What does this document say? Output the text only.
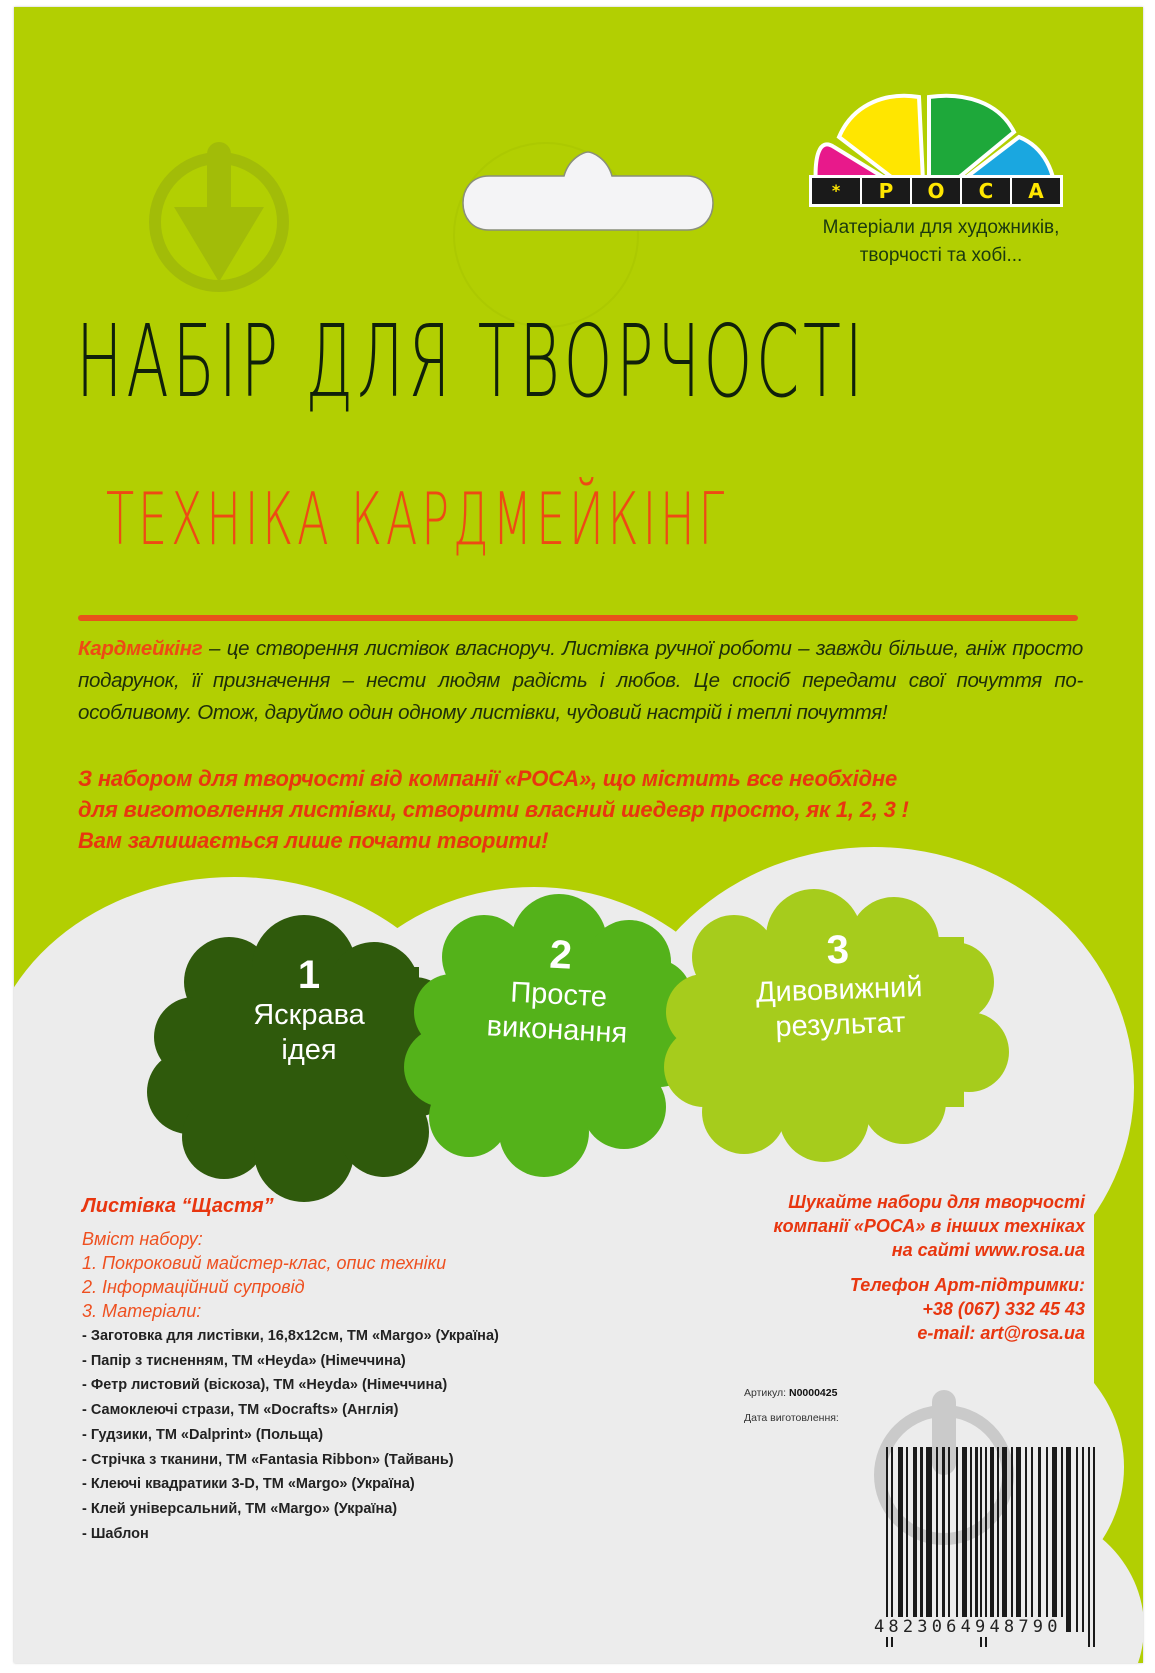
*	Р	О	С	А
Матеріали для художників,
творчості та хобі...
НАБІР ДЛЯ ТВОРЧОСТІ
ТЕХНІКА КАРДМЕЙКІНГ
Кардмейкінг – це створення листівок власноруч. Листівка ручної роботи – завжди більше, аніж просто подарунок, її призначення – нести людям радість і любов. Це спосіб передати свої почуття по-особливому. Отож, даруймо один одному листівки, чудовий настрій і теплі почуття!
З набором для творчості від компанії «РОСА», що містить все необхідне
для виготовлення листівки, створити власний шедевр просто, як 1, 2, 3 !
Вам залишається лише почати творити!
1
Яскрава
ідея
2
Просте
виконання
3
Дивовижний
результат
Листівка “Щастя”
Вміст набору:
1. Покроковий майстер-клас, опис техніки
2. Інформаційний супровід
3. Матеріали:
- Заготовка для листівки, 16,8х12см, ТМ «Margo» (Україна)
- Папір з тисненням, ТМ «Heyda» (Німеччина)
- Фетр листовий (віскоза), ТМ «Heyda» (Німеччина)
- Самоклеючі стрази, ТМ «Docrafts» (Англія)
- Гудзики, ТМ «Dalprint» (Польща)
- Стрічка з тканини, ТМ «Fantasia Ribbon» (Тайвань)
- Клеючі квадратики 3-D, ТМ «Margo» (Україна)
- Клей універсальний, ТМ «Margo» (Україна)
- Шаблон
Шукайте набори для творчості
компанії «РОСА» в інших техніках
на сайті www.rosa.ua
Телефон Арт-підтримки:
+38 (067) 332 45 43
e-mail: art@rosa.ua
Артикул: N0000425
Дата виготовлення:
4823064948790
